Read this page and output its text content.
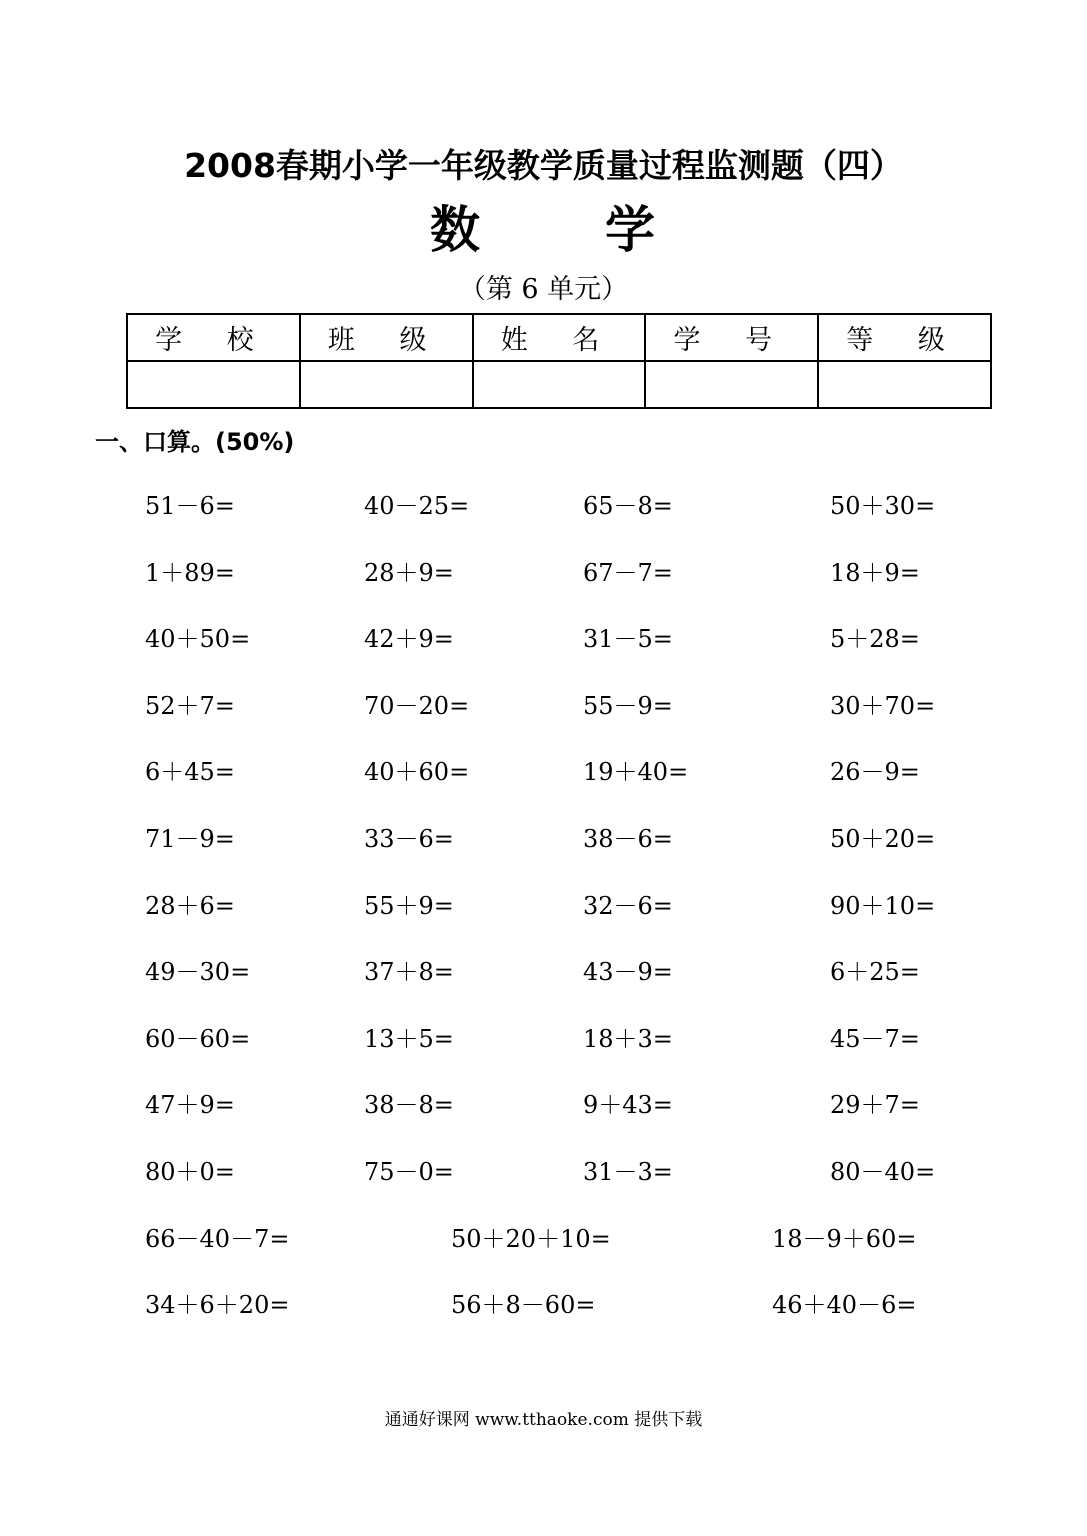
2008春期小学一年级教学质量过程监测题（四）
数	学
（第 6 单元）
学 校	班 级	姓 名	学 号	等 级

一、口算。(50%)
51－6=	40－25=	65－8=	50＋30=
1＋89=	28＋9=	67－7=	18＋9=
40＋50=	42＋9=	31－5=	5＋28=
52＋7=	70－20=	55－9=	30＋70=
6＋45=	40＋60=	19＋40=	26－9=
71－9=	33－6=	38－6=	50＋20=
28＋6=	55＋9=	32－6=	90＋10=
49－30=	37＋8=	43－9=	6＋25=
60－60=	13＋5=	18＋3=	45－7=
47＋9=	38－8=	9＋43=	29＋7=
80＋0=	75－0=	31－3=	80－40=
66－40－7=	50＋20＋10=	18－9＋60=
34＋6＋20=	56＋8－60=	46＋40－6=
通通好课网 www.tthaoke.com 提供下载
